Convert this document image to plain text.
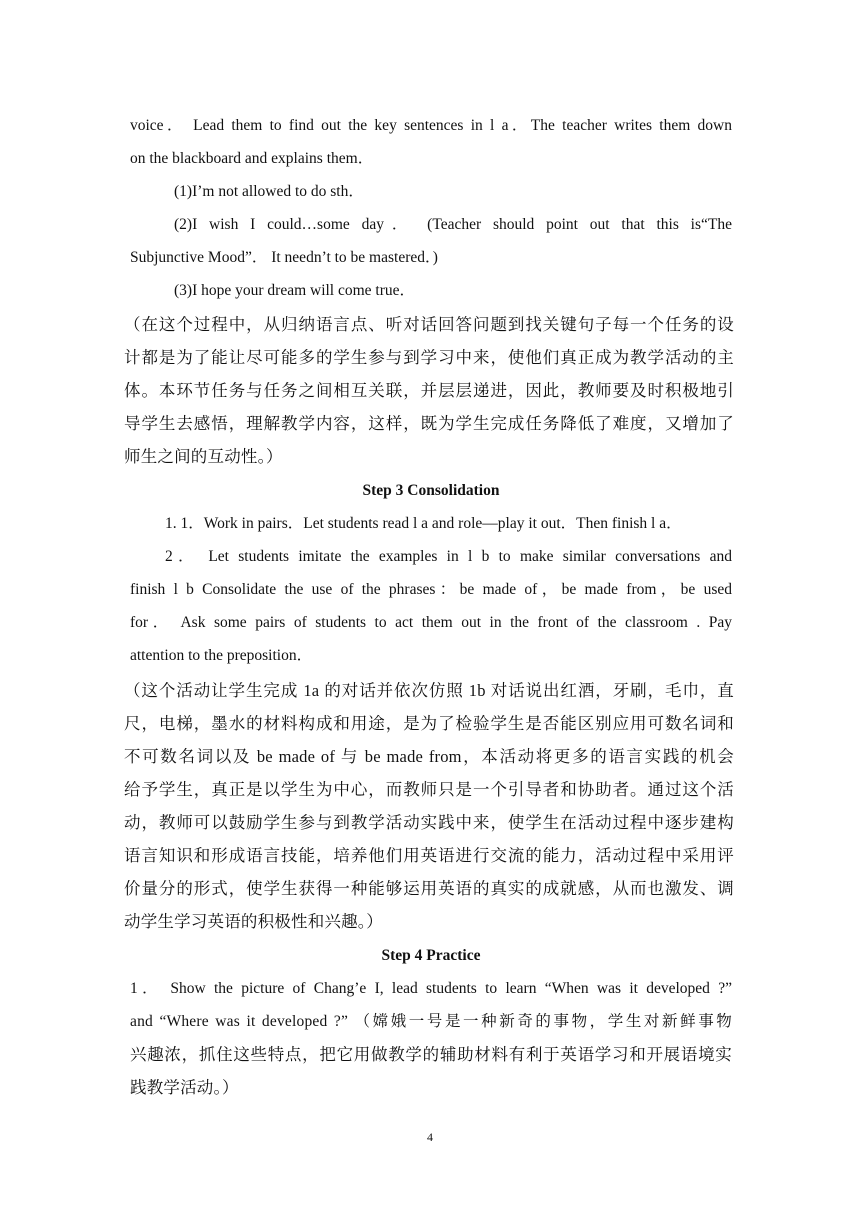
voice． Lead them to find out the key sentences in l a．The teacher writes them down
on the blackboard and explains them．
(1)I’m not allowed to do sth．
(2)I wish I could…some day． (Teacher should point out that this is“The
Subjunctive Mood”． It needn’t to be mastered．)
(3)I hope your dream will come true．
（在这个过程中，从归纳语言点、听对话回答问题到找关键句子每一个任务的设
计都是为了能让尽可能多的学生参与到学习中来，使他们真正成为教学活动的主
体。本环节任务与任务之间相互关联，并层层递进，因此，教师要及时积极地引
导学生去感悟，理解教学内容，这样，既为学生完成任务降低了难度，又增加了
师生之间的互动性。）
Step 3 Consolidation
1. 1．Work in pairs．Let students read l a and role—play it out．Then finish l a．
2． Let students imitate the examples in l b to make similar conversations and
finish l b Consolidate the use of the phrases：be made of，be made from，be used
for． Ask some pairs of students to act them out in the front of the classroom . Pay
attention to the preposition．
（这个活动让学生完成 1a 的对话并依次仿照 1b 对话说出红酒，牙刷，毛巾，直
尺，电梯，墨水的材料构成和用途，是为了检验学生是否能区别应用可数名词和
不可数名词以及 be made of 与 be made from，本活动将更多的语言实践的机会
给予学生，真正是以学生为中心，而教师只是一个引导者和协助者。通过这个活
动，教师可以鼓励学生参与到教学活动实践中来，使学生在活动过程中逐步建构
语言知识和形成语言技能，培养他们用英语进行交流的能力，活动过程中采用评
价量分的形式，使学生获得一种能够运用英语的真实的成就感，从而也激发、调
动学生学习英语的积极性和兴趣。）
Step 4 Practice
1． Show the picture of Chang’e I, lead students to learn “When was it developed ?”
and “Where was it developed ?” （嫦娥一号是一种新奇的事物，学生对新鲜事物
兴趣浓，抓住这些特点，把它用做教学的辅助材料有利于英语学习和开展语境实
践教学活动。）
4
